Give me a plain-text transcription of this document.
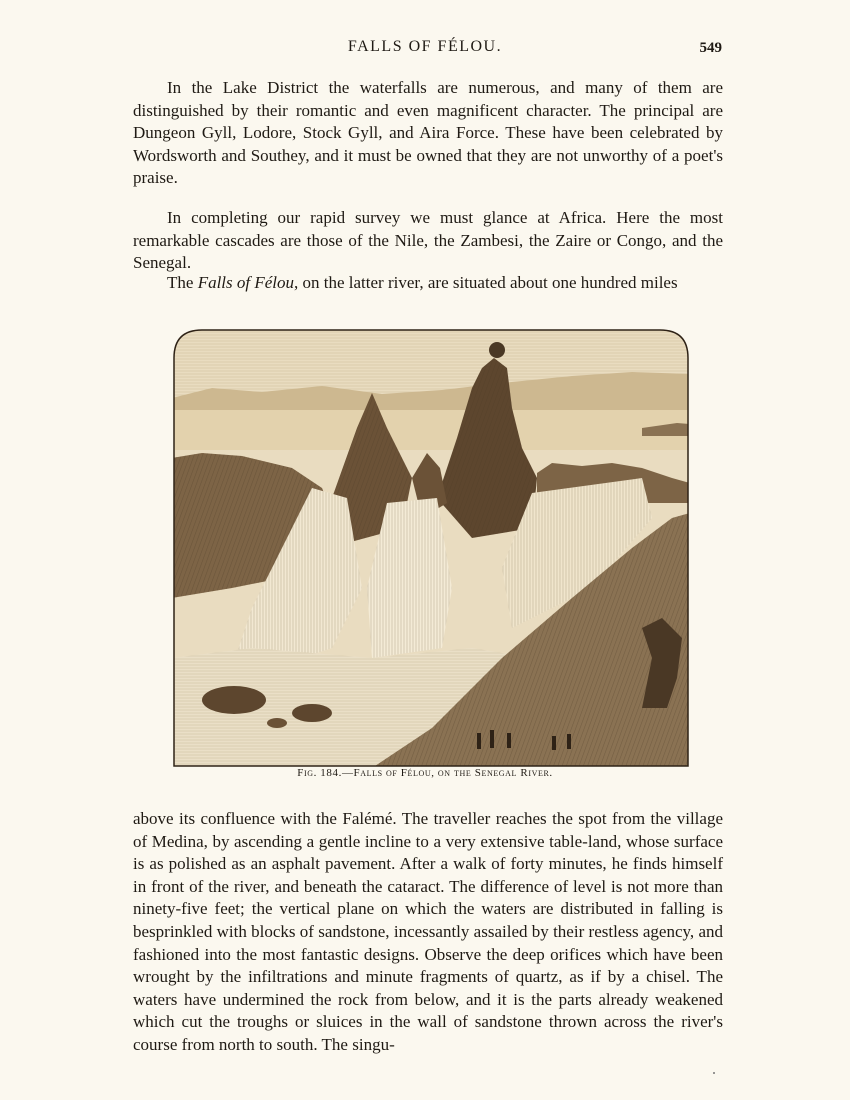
FALLS OF FÉLOU.	549

In the Lake District the waterfalls are numerous, and many of them are distinguished by their romantic and even magnificent character. The principal are Dungeon Gyll, Lodore, Stock Gyll, and Aira Force. These have been celebrated by Wordsworth and Southey, and it must be owned that they are not unworthy of a poet's praise.

In completing our rapid survey we must glance at Africa. Here the most remarkable cascades are those of the Nile, the Zambesi, the Zaire or Congo, and the Senegal.

The Falls of Félou, on the latter river, are situated about one hundred miles

Fig. 184.—Falls of Félou, on the Senegal River.

above its confluence with the Falémé. The traveller reaches the spot from the village of Medina, by ascending a gentle incline to a very extensive table-land, whose surface is as polished as an asphalt pavement. After a walk of forty minutes, he finds himself in front of the river, and beneath the cataract. The difference of level is not more than ninety-five feet; the vertical plane on which the waters are distributed in falling is besprinkled with blocks of sandstone, incessantly assailed by their restless agency, and fashioned into the most fantastic designs. Observe the deep orifices which have been wrought by the infiltrations and minute fragments of quartz, as if by a chisel. The waters have undermined the rock from below, and it is the parts already weakened which cut the troughs or sluices in the wall of sandstone thrown across the river's course from north to south. The singu-
